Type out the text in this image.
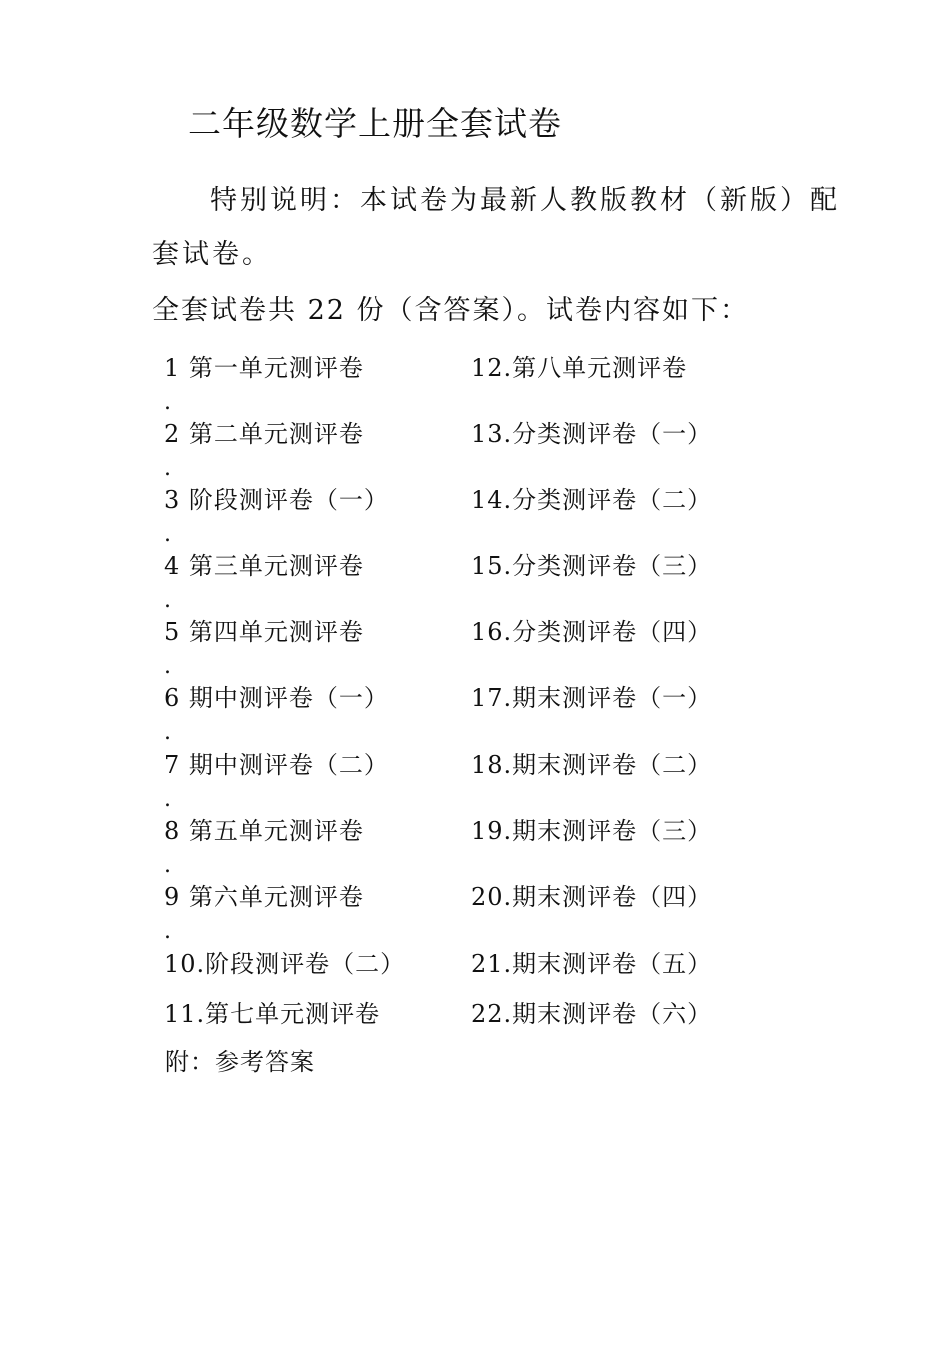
二年级数学上册全套试卷
特别说明：本试卷为最新人教版教材（新版）配
套试卷。
全套试卷共 22 份（含答案）。试卷内容如下：
1 第一单元测评卷
2 第二单元测评卷
3 阶段测评卷（一）
4 第三单元测评卷
5 第四单元测评卷
6 期中测评卷（一）
7 期中测评卷（二）
8 第五单元测评卷
9 第六单元测评卷
10.阶段测评卷（二）
11.第七单元测评卷
12.第八单元测评卷
13.分类测评卷（一）
14.分类测评卷（二）
15.分类测评卷（三）
16.分类测评卷（四）
17.期末测评卷（一）
18.期末测评卷（二）
19.期末测评卷（三）
20.期末测评卷（四）
21.期末测评卷（五）
22.期末测评卷（六）
.
.
.
.
.
.
.
.
.
附：参考答案
